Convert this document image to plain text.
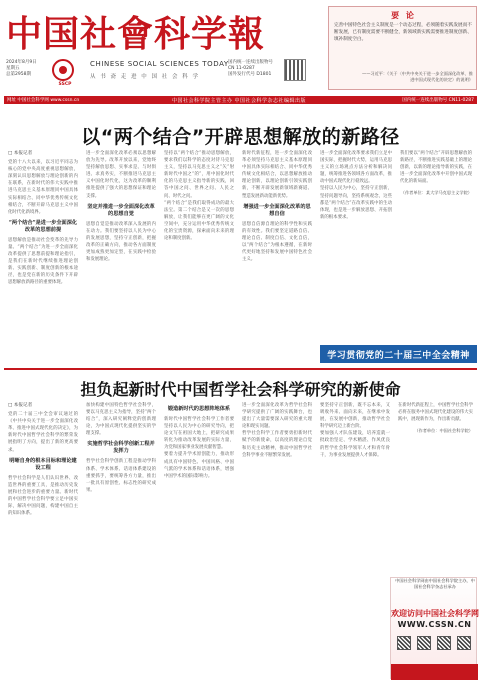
中国社會科学報
2024年8月9日
星期五
总第2958期
SSCP
CHINESE SOCIAL SCIENCES TODAY
从 书 斋 走 进 中 国 社 会 科 学
国内统一连续出版物号
CN 11-0287
国外发行代号 D1801
要 论
完善中国特色社会主义制度是一个动态过程，必须随着实践发展而不断发展，已有制度需要不断健全，新领域新实践需要推进制度创新、填补制度空白。
——习近平：《关于〈中共中央关于进一步全面深化改革、推进中国式现代化的决定〉的说明》
网址 中国社会科学网 www.cssn.cn	中国社会科学院主管主办 中国社会科学杂志社编辑出版	国内统一连续出版物号 CN11-0287
以“两个结合”开辟思想解放的新路径
□ 本报记者
党的十八大以来，以习近平同志为核心的党中央高度重视思想解放，深刻认识思想解放与理论创新的内在联系，在新时代的伟大实践中推进马克思主义基本原理同中国具体实际相结合、同中华优秀传统文化相结合，不断开辟马克思主义中国化时代化新境界。
“两个结合”是进一步全面深化改革的思想前提
思想解放是推动社会变革的先导力量。“两个结合”为进一步全面深化改革提供了思想前提和理论指引，是我们在新时代继续推进理论创新、实践创新、制度创新的根本途径，也是党在新的历史条件下开辟思想解放新路径的重要体现。
进一步全面深化改革必须以思想解放为先导。改革开放以来，党始终坚持解放思想、实事求是、与时俱进、求真务实，不断推进马克思主义中国化时代化，这为改革的顺利推进提供了强大的思想保证和理论支撑。
坚定并推进一步全面深化改革的思想自觉
思想自觉是推动改革深入发展的内在动力。我们要坚持以人民为中心的发展思想，坚持守正创新，把握改革的正确方向，推动各方面制度更加成熟更加定型，在实践中检验和发展理论。
坚持以“两个结合”推动思想解放，要求我们以科学的态度对待马克思主义，坚持以马克思主义之“矢”射新时代中国之“的”，用中国化时代化的马克思主义指导新的实践，回答中国之问、世界之问、人民之问、时代之问。
“两个结合”是我们取得成功的最大法宝。第二个结合是又一次的思想解放，让我们能够在更广阔的文化空间中，充分运用中华优秀传统文化的宝贵资源，探索面向未来的理论和制度创新。
新时代新征程，进一步全面深化改革必须坚持马克思主义基本原理同中国具体实际相结合、同中华优秀传统文化相结合，以思想解放推动理论创新，以理论创新引领实践创新，不断开辟发展新领域新赛道、塑造发展新动能新优势。
增强进一步全面深化改革的思想自信
思想自信源自理论的科学性和实践的有效性。我们要坚定道路自信、理论自信、制度自信、文化自信，以“两个结合”为根本遵循，在新时代更好地坚持和发展中国特色社会主义。
进一步全面深化改革要求我们立足中国实际，把握时代大势，运用马克思主义的立场观点方法分析和解决问题，统筹推进各领域各方面改革，推动中国式现代化行稳致远。
坚持以人民为中心，坚持守正创新，坚持问题导向，坚持系统观念，这些都是“两个结合”在改革实践中的生动体现，也是进一步解放思想、开拓创新的根本要求。
我们要以“两个结合”开辟思想解放的新路径，不断推进实践基础上的理论创新，以新的理论指导新的实践，在进一步全面深化改革中开创中国式现代化的新局面。
（作者单位：某大学马克思主义学院）
学习贯彻党的二十届三中全会精神
担负起新时代中国哲学社会科学研究的新使命
□ 本报记者
党的二十届三中全会审议通过的《中共中央关于进一步全面深化改革、推进中国式现代化的决定》，为新时代中国哲学社会科学的繁荣发展指明了方向，提出了新的更高要求。
明晰自身的根本目标和理论建设工程
哲学社会科学是人们认识世界、改造世界的重要工具，是推动历史发展和社会进步的重要力量。新时代的中国哲学社会科学要立足中国实际，解决中国问题，构建中国自主的知识体系。
加快构建中国特色哲学社会科学，要以马克思主义为指导，坚持“两个结合”，深入研究阐释党的创新理论，为中国式现代化提供坚实的学理支撑。
实施哲学社会科学创新工程并发挥力
哲学社会科学创新工程是推动学科体系、学术体系、话语体系建设的重要抓手，要统筹各方力量，推出一批具有原创性、标志性的研究成果。
锻造新时代的思想阵地体系
新时代中国哲学社会科学工作者要坚持以人民为中心的研究导向，把论文写在祖国大地上，把研究成果转化为推动改革发展的实际力量，为党和国家事业发展贡献智慧。
要着力提升学术原创能力，推动形成具有中国特色、中国风格、中国气派的学术体系和话语体系，增强中国学术的国际影响力。
进一步全面深化改革为哲学社会科学研究提供了广阔的实践舞台，也提出了大量需要深入研究的重大理论和现实问题。
哲学社会科学工作者要勇担新时代赋予的新使命，以高度的理论自觉和历史主动精神，推动中国哲学社会科学事业不断繁荣发展。
要坚持守正创新，既不忘本来，又吸收外来、面向未来，在继承中发展，在发展中创新，推动哲学社会科学研究迈上新台阶。
要加强人才队伍建设，培养造就一批政治坚定、学术精湛、作风优良的哲学社会科学领军人才和青年骨干，为事业发展提供人才保障。
在新时代新征程上，中国哲学社会科学必将在服务中国式现代化建设的伟大实践中，展现新作为，作出新贡献。
（作者单位：中国社会科学院）
中国社会科学网由中国社会科学院主办，中国社会科学杂志社承办
欢迎访问中国社会科学网
WWW.CSSN.CN
